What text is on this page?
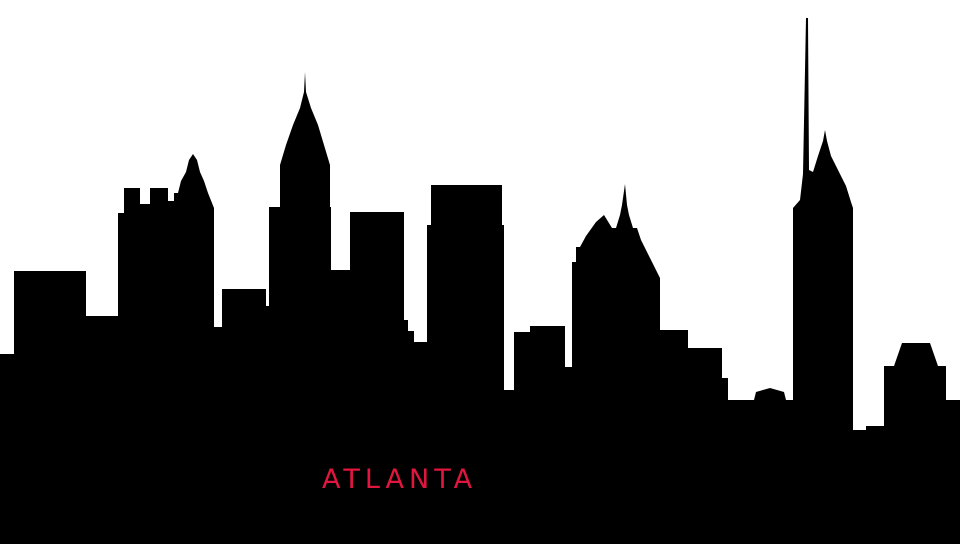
ATLANTA
